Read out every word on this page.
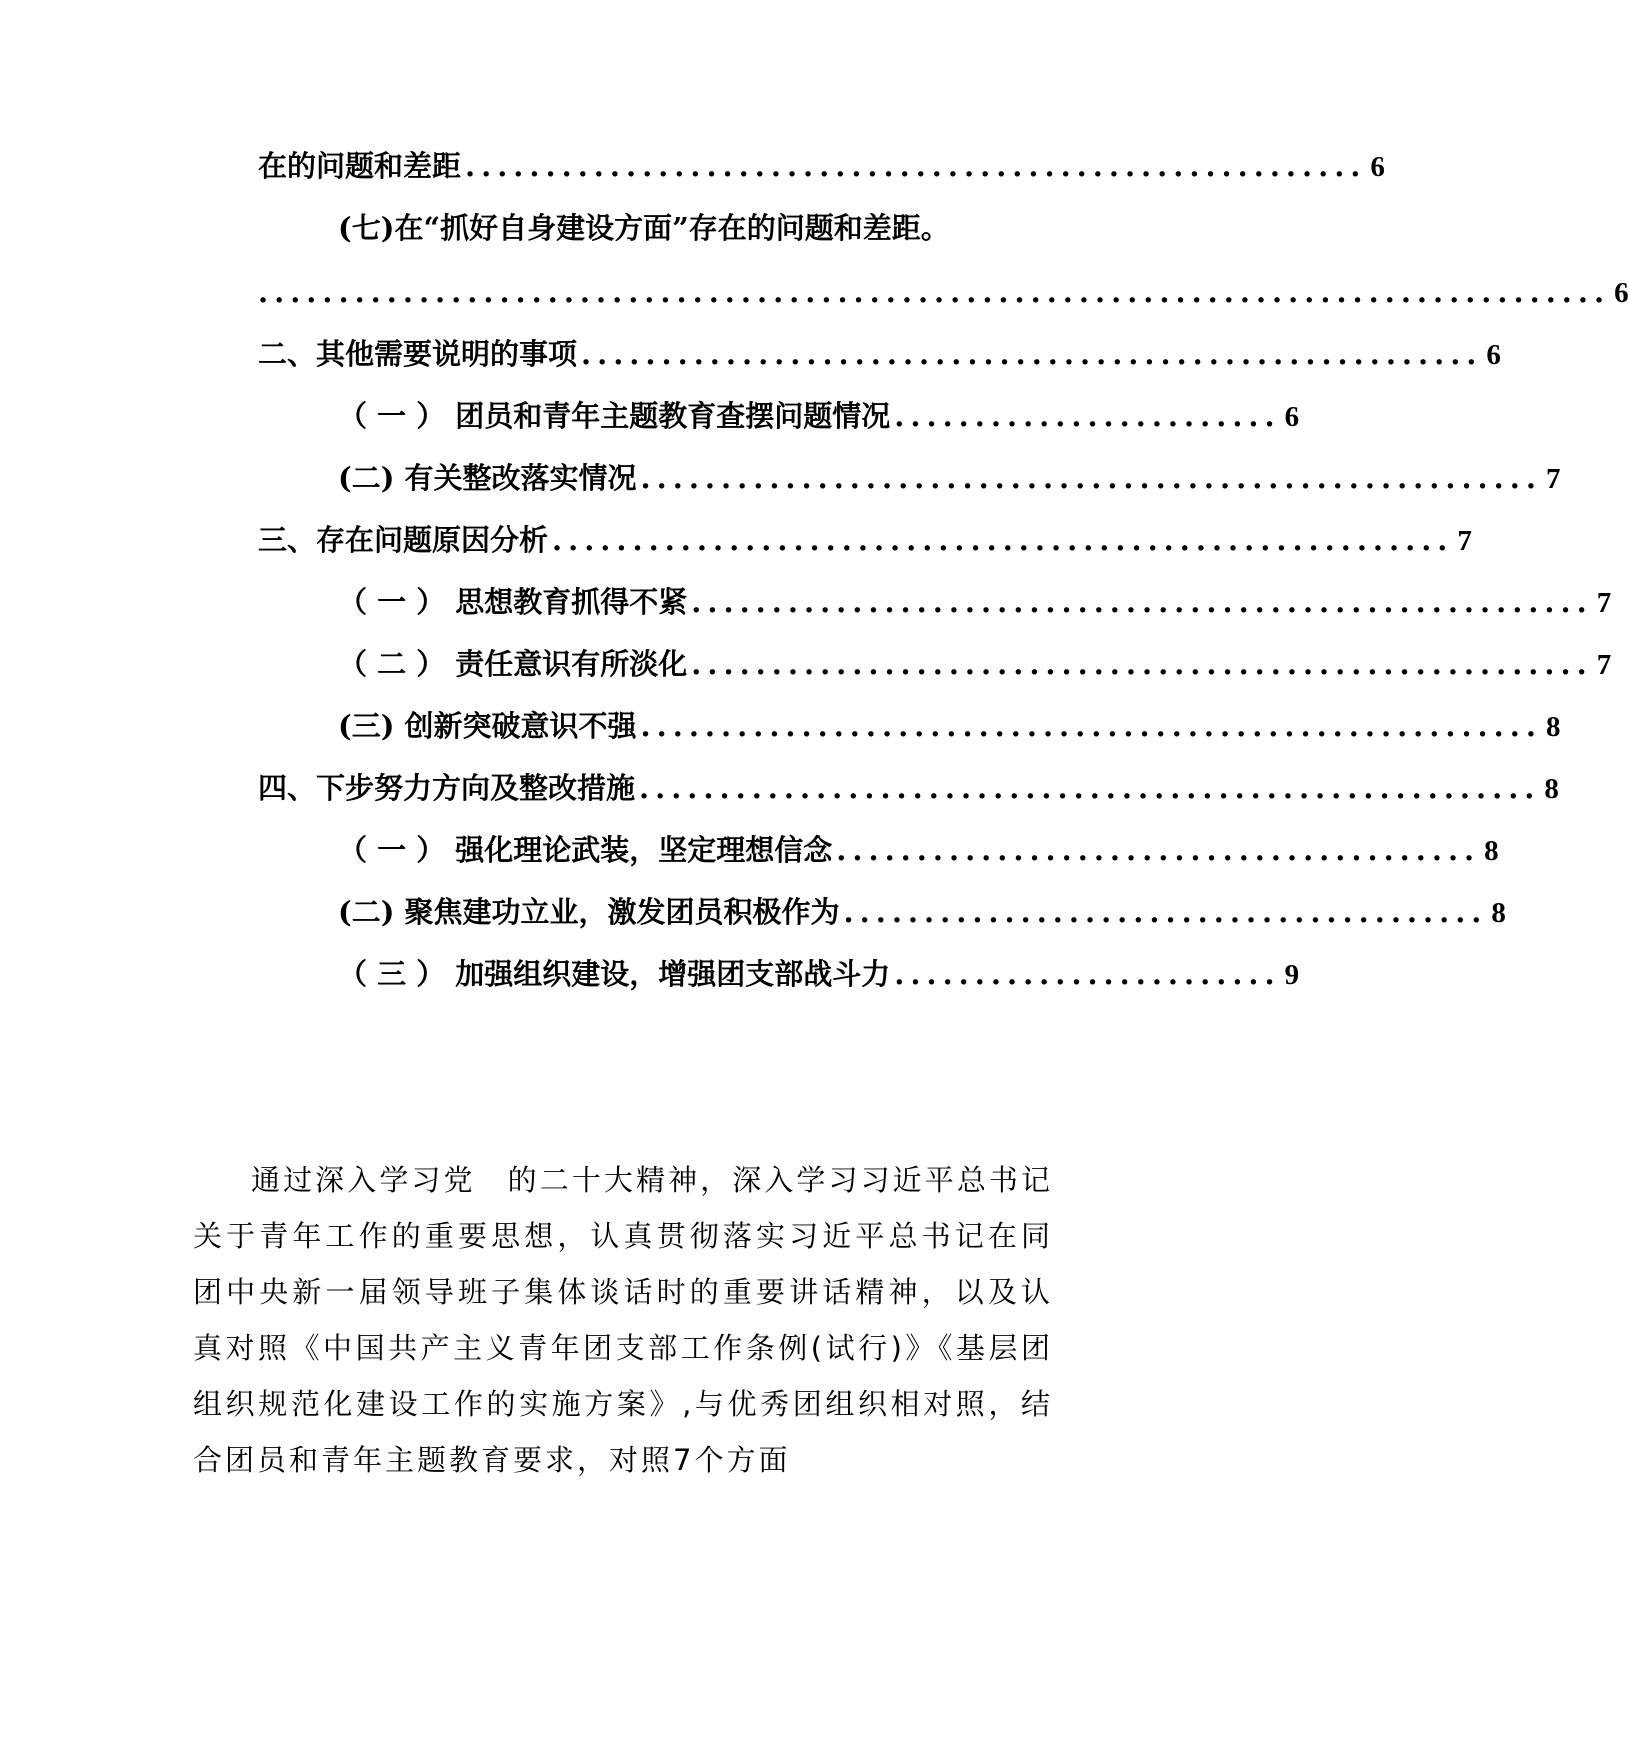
在的问题和差距 ........................................................ 6
(七)在“抓好自身建设方面”存在的问题和差距。
.................................................................................... 6
二、其他需要说明的事项 ........................................................ 6
（ 一 ） 团员和青年主题教育查摆问题情况 ........................ 6
(二) 有关整改落实情况 ........................................................ 7
三、存在问题原因分析 ........................................................ 7
（ 一 ） 思想教育抓得不紧 ........................................................ 7
（ 二 ） 责任意识有所淡化 ........................................................ 7
(三) 创新突破意识不强 ........................................................ 8
四、下步努力方向及整改措施 ........................................................ 8
（ 一 ） 强化理论武装，坚定理想信念 ........................................ 8
(二) 聚焦建功立业，激发团员积极作为 ........................................ 8
（ 三 ） 加强组织建设，增强团支部战斗力 ........................ 9

通过深入学习党　的二十大精神，深入学习习近平总书记关于青年工作的重要思想，认真贯彻落实习近平总书记在同团中央新一届领导班子集体谈话时的重要讲话精神，以及认真对照《中国共产主义青年团支部工作条例(试行)》《基层团组织规范化建设工作的实施方案》,与优秀团组织相对照，结合团员和青年主题教育要求，对照7个方面
